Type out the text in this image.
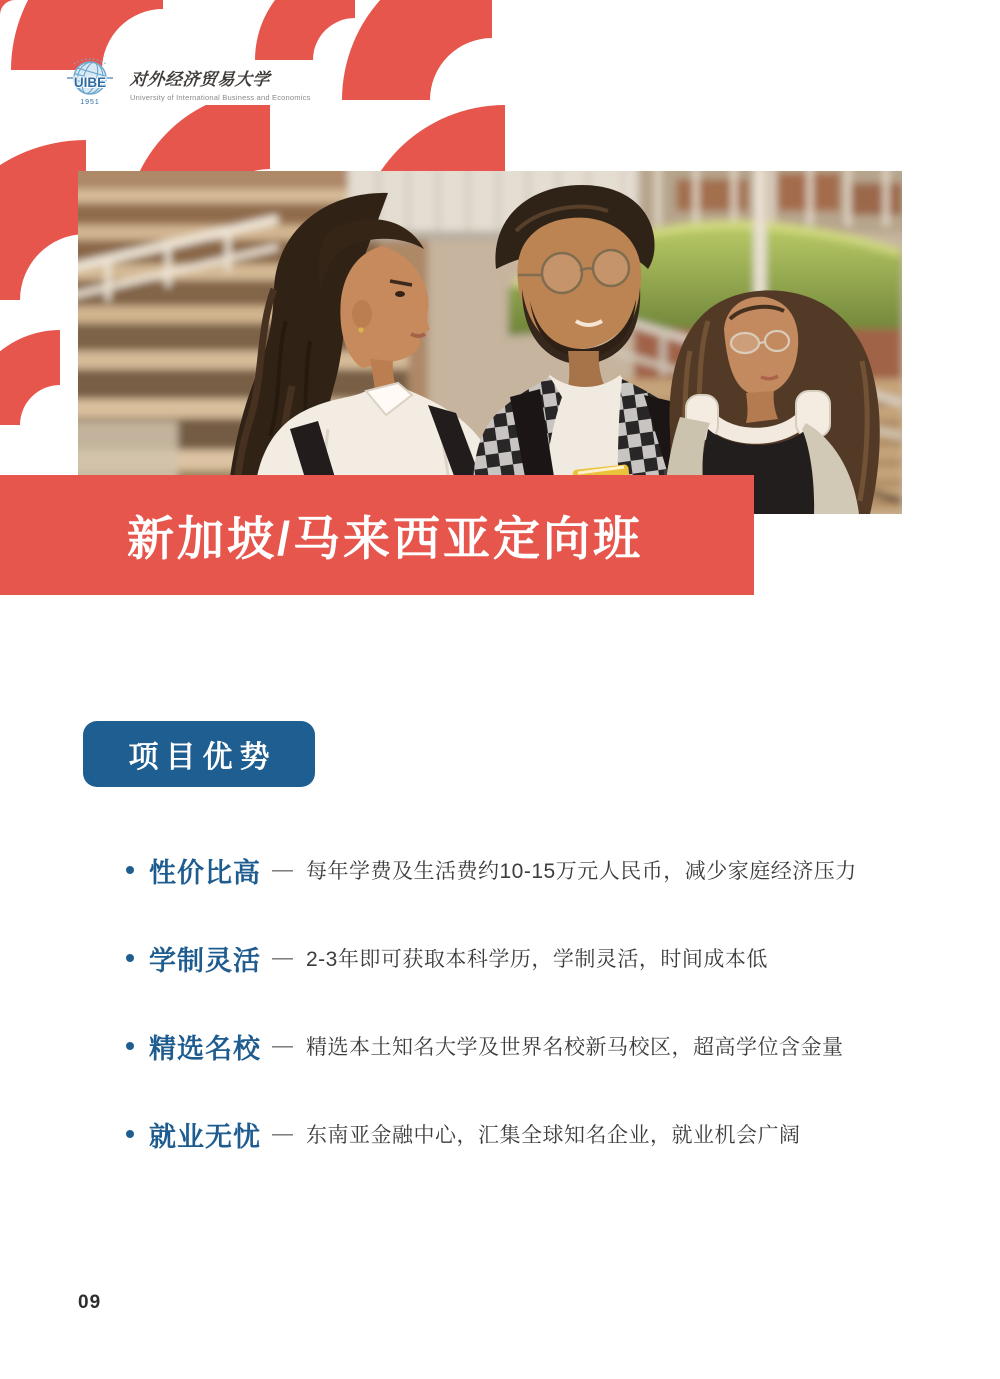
UIBE
1951
对外经济贸易大学
University of International Business and Economics
新加坡/马来西亚定向班
项目优势
性价比高 — 每年学费及生活费约10-15万元人民币，减少家庭经济压力
学制灵活 — 2-3年即可获取本科学历，学制灵活，时间成本低
精选名校 — 精选本土知名大学及世界名校新马校区，超高学位含金量
就业无忧 — 东南亚金融中心，汇集全球知名企业，就业机会广阔
09
